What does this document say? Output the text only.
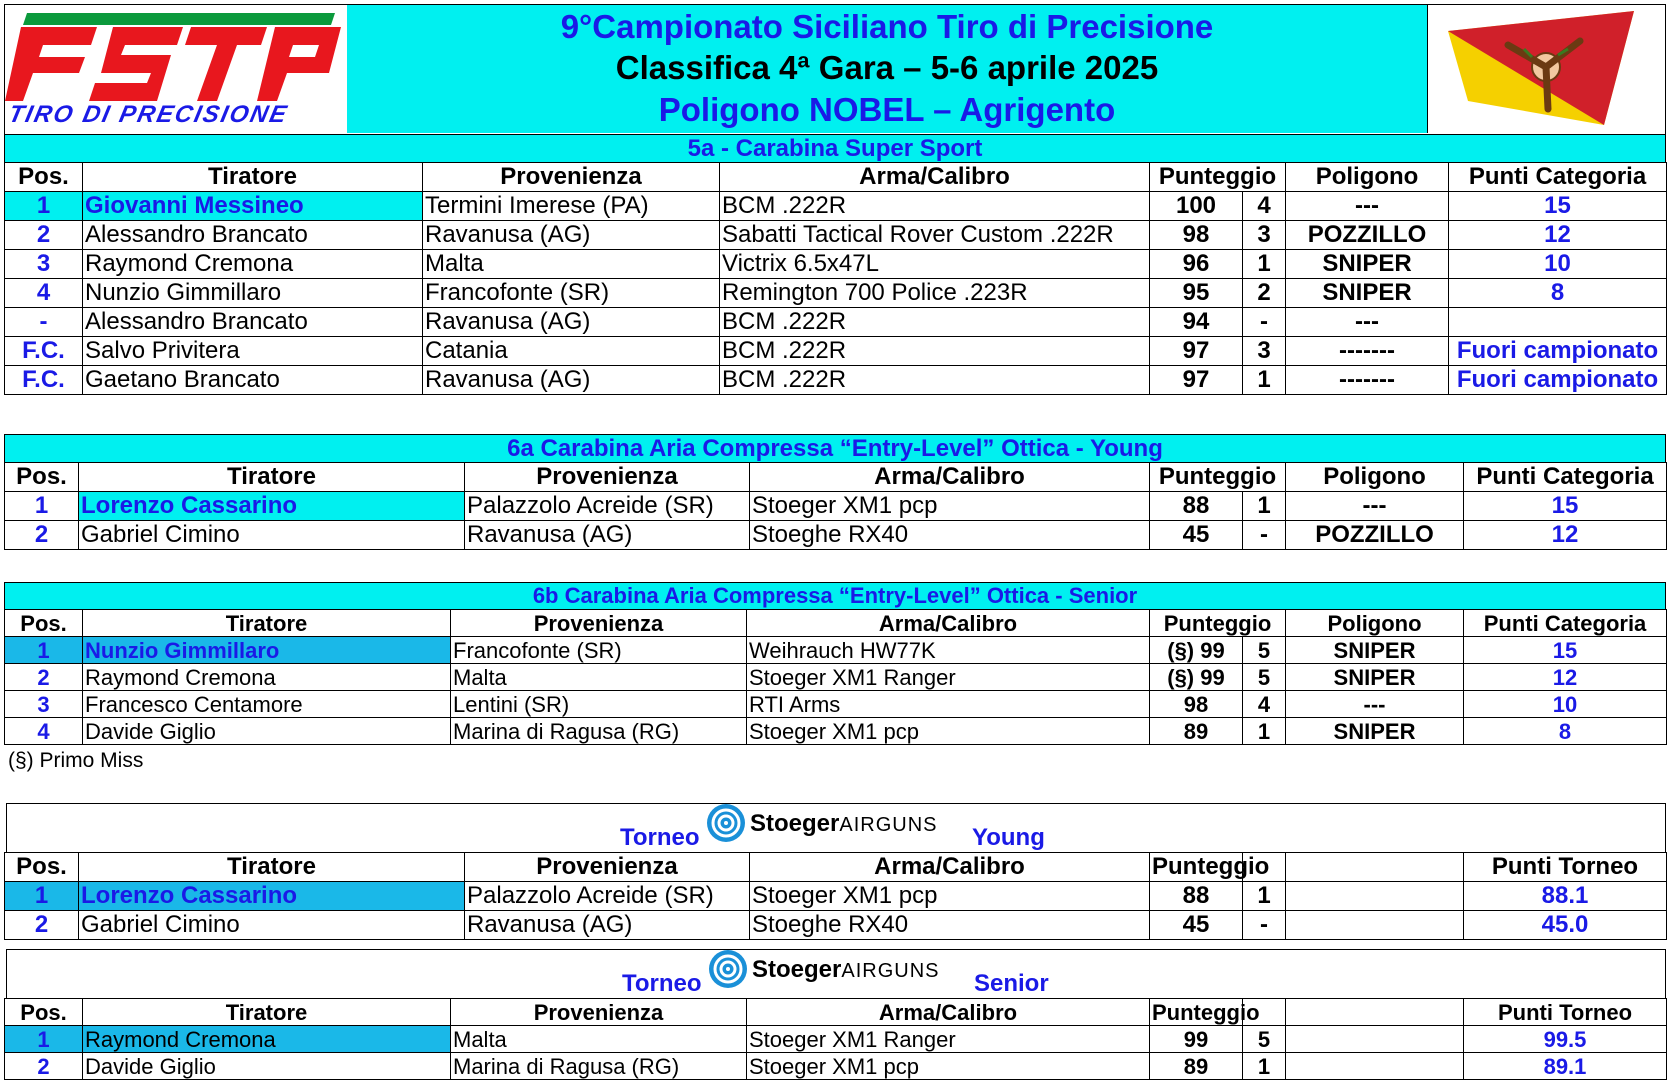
TIRO DI PRECISIONE
9°Campionato Siciliano Tiro di Precisione
Classifica 4ª Gara – 5-6 aprile 2025
Poligono NOBEL – Agrigento
5a - Carabina Super Sport
Pos.	Tiratore	Provenienza	Arma/Calibro	Punteggio		Poligono	Punti Categoria
1	Giovanni Messineo	Termini Imerese (PA)	BCM .222R	100	4	---	15
2	Alessandro Brancato	Ravanusa (AG)	Sabatti Tactical Rover Custom .222R	98	3	POZZILLO	12
3	Raymond Cremona	Malta	Victrix 6.5x47L	96	1	SNIPER	10
4	Nunzio Gimmillaro	Francofonte (SR)	Remington 700 Police .223R	95	2	SNIPER	8
-	Alessandro Brancato	Ravanusa (AG)	BCM .222R	94	-	---	
F.C.	Salvo Privitera	Catania	BCM .222R	97	3	-------	Fuori campionato
F.C.	Gaetano Brancato	Ravanusa (AG)	BCM .222R	97	1	-------	Fuori campionato
6a Carabina Aria Compressa “Entry-Level” Ottica - Young
Pos.	Tiratore	Provenienza	Arma/Calibro	Punteggio		Poligono	Punti Categoria
1	Lorenzo Cassarino	Palazzolo Acreide (SR)	Stoeger XM1 pcp	88	1	---	15
2	Gabriel Cimino	Ravanusa (AG)	Stoeghe RX40	45	-	POZZILLO	12
6b Carabina Aria Compressa “Entry-Level” Ottica - Senior
Pos.	Tiratore	Provenienza	Arma/Calibro	Punteggio		Poligono	Punti Categoria
1	Nunzio Gimmillaro	Francofonte (SR)	Weihrauch HW77K	(§) 99	5	SNIPER	15
2	Raymond Cremona	Malta	Stoeger XM1 Ranger	(§) 99	5	SNIPER	12
3	Francesco Centamore	Lentini (SR)	RTI Arms	98	4	---	10
4	Davide Giglio	Marina di Ragusa (RG)	Stoeger XM1 pcp	89	1	SNIPER	8
(§) Primo Miss
Torneo
StoegerAIRGUNS Young
Pos.	Tiratore	Provenienza	Arma/Calibro	Punteggio			Punti Torneo
1	Lorenzo Cassarino	Palazzolo Acreide (SR)	Stoeger XM1 pcp	88	1		88.1
2	Gabriel Cimino	Ravanusa (AG)	Stoeghe RX40	45	-		45.0
Torneo
StoegerAIRGUNS Senior
Pos.	Tiratore	Provenienza	Arma/Calibro	Punteggio			Punti Torneo
1	Raymond Cremona	Malta	Stoeger XM1 Ranger	99	5		99.5
2	Davide Giglio	Marina di Ragusa (RG)	Stoeger XM1 pcp	89	1		89.1
